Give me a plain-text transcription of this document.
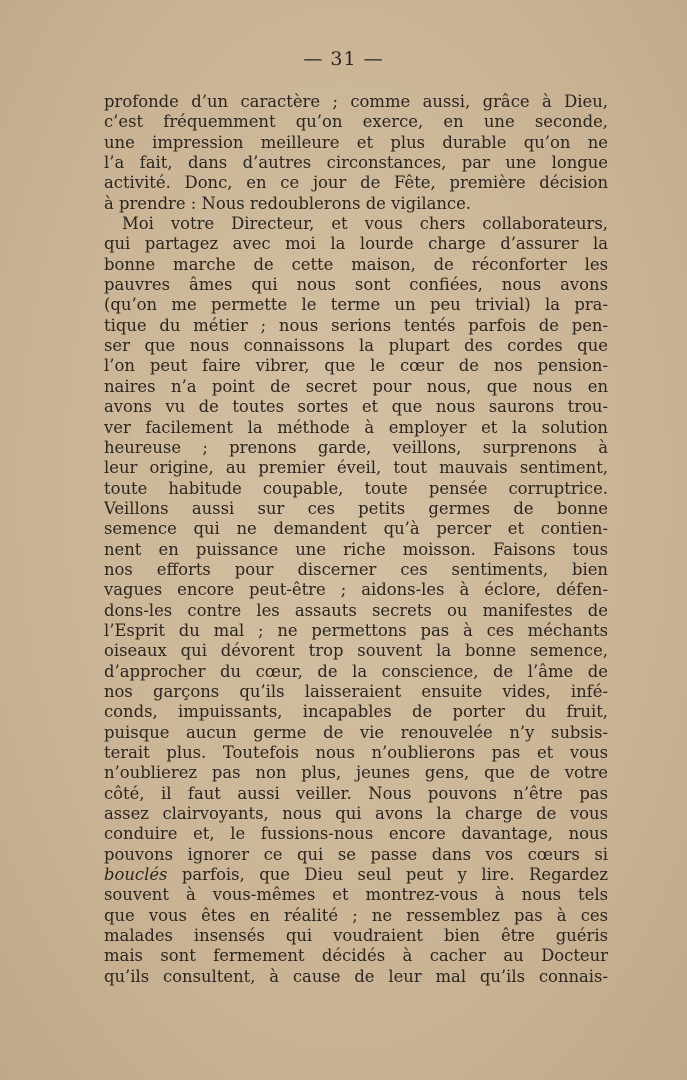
— 31 —
profonde d’un caractère ; comme aussi, grâce à Dieu,
c’est fréquemment qu’on exerce, en une seconde,
une impression meilleure et plus durable qu’on ne
l’a fait, dans d’autres circonstances, par une longue
activité. Donc, en ce jour de Fête, première décision
à prendre : Nous redoublerons de vigilance.
Moi votre Directeur, et vous chers collaborateurs,
qui partagez avec moi la lourde charge d’assurer la
bonne marche de cette maison, de réconforter les
pauvres âmes qui nous sont confiées, nous avons
(qu’on me permette le terme un peu trivial) la pra-
tique du métier ; nous serions tentés parfois de pen-
ser que nous connaissons la plupart des cordes que
l’on peut faire vibrer, que le cœur de nos pension-
naires n’a point de secret pour nous, que nous en
avons vu de toutes sortes et que nous saurons trou-
ver facilement la méthode à employer et la solution
heureuse ; prenons garde, veillons, surprenons à
leur origine, au premier éveil, tout mauvais sentiment,
toute habitude coupable, toute pensée corruptrice.
Veillons aussi sur ces petits germes de bonne
semence qui ne demandent qu’à percer et contien-
nent en puissance une riche moisson. Faisons tous
nos efforts pour discerner ces sentiments, bien
vagues encore peut-être ; aidons-les à éclore, défen-
dons-les contre les assauts secrets ou manifestes de
l’Esprit du mal ; ne permettons pas à ces méchants
oiseaux qui dévorent trop souvent la bonne semence,
d’approcher du cœur, de la conscience, de l’âme de
nos garçons qu’ils laisseraient ensuite vides, infé-
conds, impuissants, incapables de porter du fruit,
puisque aucun germe de vie renouvelée n’y subsis-
terait plus. Toutefois nous n’oublierons pas et vous
n’oublierez pas non plus, jeunes gens, que de votre
côté, il faut aussi veiller. Nous pouvons n’être pas
assez clairvoyants, nous qui avons la charge de vous
conduire et, le fussions-nous encore davantage, nous
pouvons ignorer ce qui se passe dans vos cœurs si
bouclés parfois, que Dieu seul peut y lire. Regardez
souvent à vous-mêmes et montrez-vous à nous tels
que vous êtes en réalité ; ne ressemblez pas à ces
malades insensés qui voudraient bien être guéris
mais sont fermement décidés à cacher au Docteur
qu’ils consultent, à cause de leur mal qu’ils connais-
